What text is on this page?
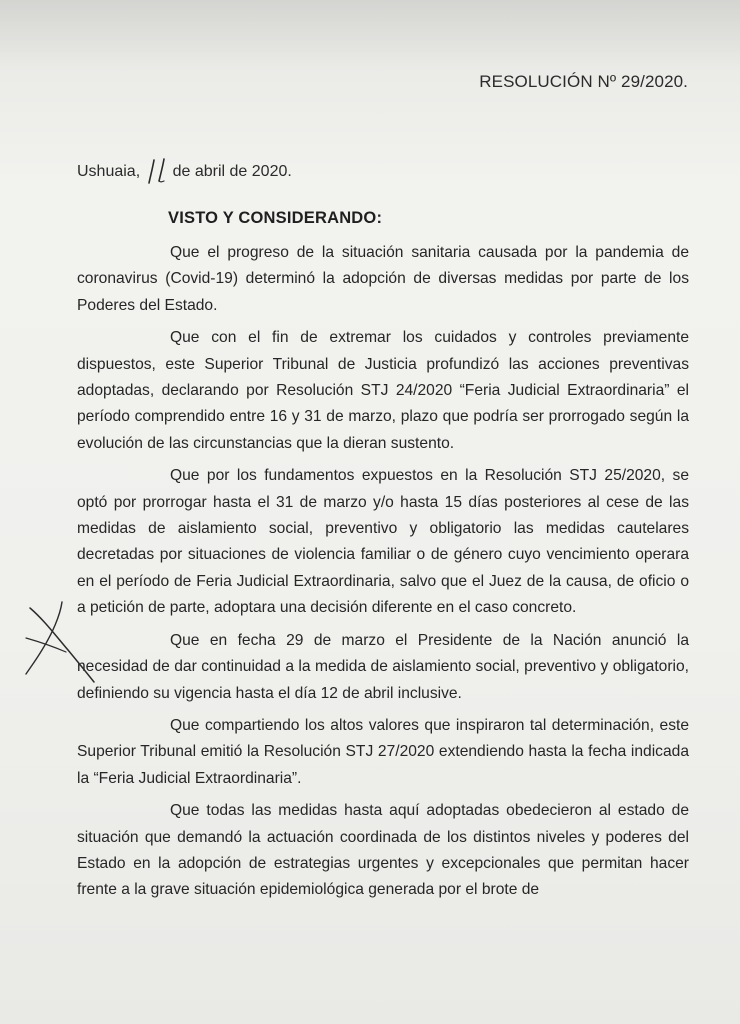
RESOLUCIÓN Nº 29/2020.
Ushuaia, de abril de 2020.
VISTO Y CONSIDERANDO:

Que el progreso de la situación sanitaria causada por la pandemia de coronavirus (Covid-19) determinó la adopción de diversas medidas por parte de los Poderes del Estado.

Que con el fin de extremar los cuidados y controles previamente dispuestos, este Superior Tribunal de Justicia profundizó las acciones preventivas adoptadas, declarando por Resolución STJ 24/2020 “Feria Judicial Extraordinaria” el período comprendido entre 16 y 31 de marzo, plazo que podría ser prorrogado según la evolución de las circunstancias que la dieran sustento.

Que por los fundamentos expuestos en la Resolución STJ 25/2020, se optó por prorrogar hasta el 31 de marzo y/o hasta 15 días posteriores al cese de las medidas de aislamiento social, preventivo y obligatorio las medidas cautelares decretadas por situaciones de violencia familiar o de género cuyo vencimiento operara en el período de Feria Judicial Extraordinaria, salvo que el Juez de la causa, de oficio o a petición de parte, adoptara una decisión diferente en el caso concreto.

Que en fecha 29 de marzo el Presidente de la Nación anunció la necesidad de dar continuidad a la medida de aislamiento social, preventivo y obligatorio, definiendo su vigencia hasta el día 12 de abril inclusive.

Que compartiendo los altos valores que inspiraron tal determinación, este Superior Tribunal emitió la Resolución STJ 27/2020 extendiendo hasta la fecha indicada la “Feria Judicial Extraordinaria”.

Que todas las medidas hasta aquí adoptadas obedecieron al estado de situación que demandó la actuación coordinada de los distintos niveles y poderes del Estado en la adopción de estrategias urgentes y excepcionales que permitan hacer frente a la grave situación epidemiológica generada por el brote de
